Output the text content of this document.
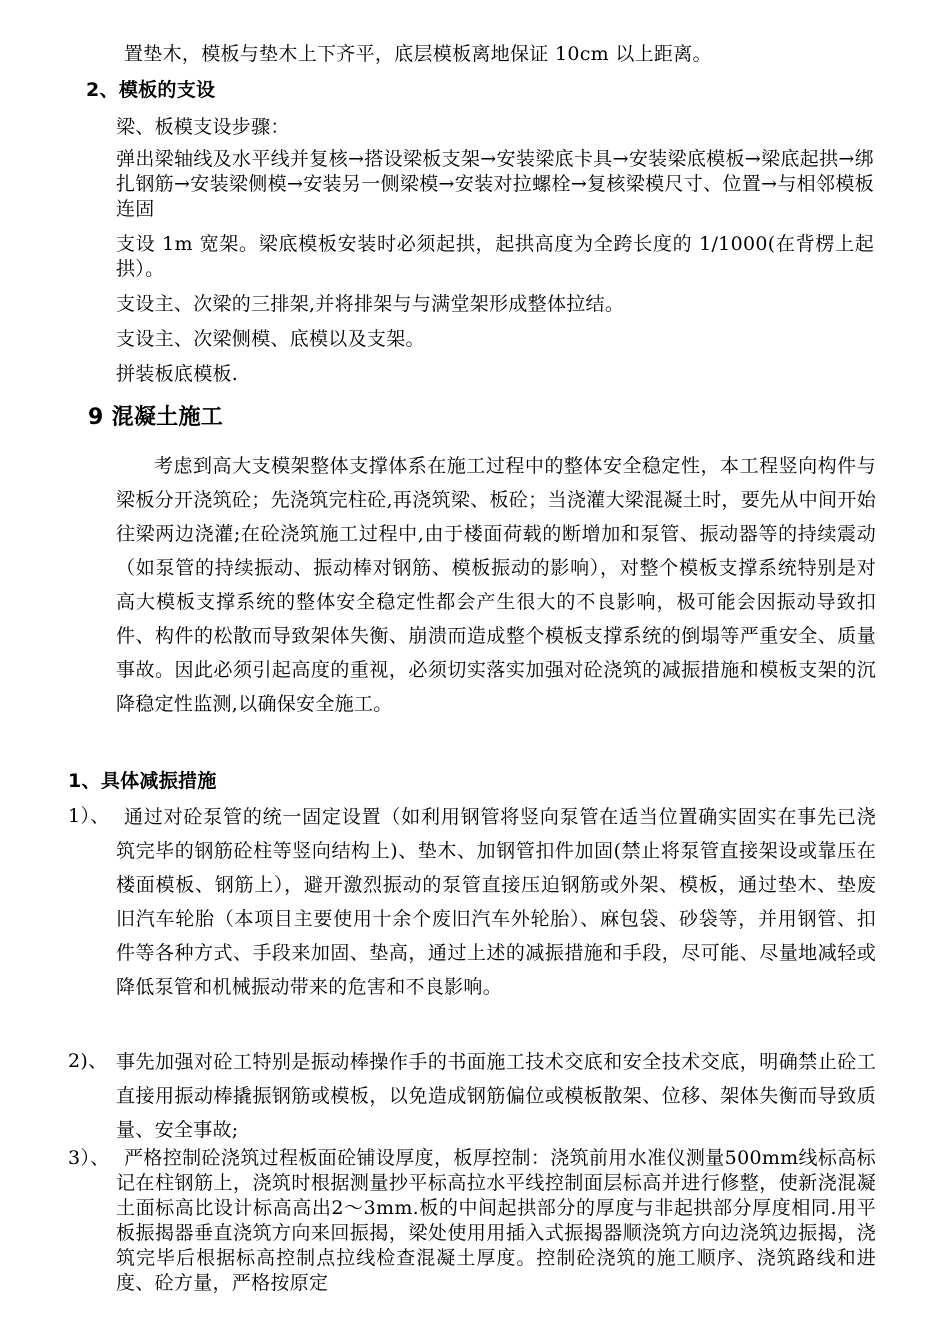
置垫木，模板与垫木上下齐平，底层模板离地保证 10cm 以上距离。

2、模板的支设

梁、板模支设步骤：

弹出梁轴线及水平线并复核→搭设梁板支架→安装梁底卡具→安装梁底模板→梁底起拱→绑扎钢筋→安装梁侧模→安装另一侧梁模→安装对拉螺栓→复核梁模尺寸、位置→与相邻模板连固

支设 1m 宽架。梁底模板安装时必须起拱，起拱高度为全跨长度的 1/1000(在背楞上起拱）。

支设主、次梁的三排架,并将排架与与满堂架形成整体拉结。

支设主、次梁侧模、底模以及支架。

拼装板底模板.

9 混凝土施工

考虑到高大支模架整体支撑体系在施工过程中的整体安全稳定性，本工程竖向构件与梁板分开浇筑砼；先浇筑完柱砼,再浇筑梁、板砼；当浇灌大梁混凝土时，要先从中间开始往梁两边浇灌;在砼浇筑施工过程中,由于楼面荷载的断增加和泵管、振动器等的持续震动（如泵管的持续振动、振动棒对钢筋、模板振动的影响），对整个模板支撑系统特别是对高大模板支撑系统的整体安全稳定性都会产生很大的不良影响，极可能会因振动导致扣件、构件的松散而导致架体失衡、崩溃而造成整个模板支撑系统的倒塌等严重安全、质量事故。因此必须引起高度的重视，必须切实落实加强对砼浇筑的减振措施和模板支架的沉降稳定性监测,以确保安全施工。

1、具体减振措施

1）、 通过对砼泵管的统一固定设置（如利用钢管将竖向泵管在适当位置确实固实在事先已浇筑完毕的钢筋砼柱等竖向结构上)、垫木、加钢管扣件加固(禁止将泵管直接架设或靠压在楼面模板、钢筋上），避开激烈振动的泵管直接压迫钢筋或外架、模板，通过垫木、垫废旧汽车轮胎（本项目主要使用十余个废旧汽车外轮胎）、麻包袋、砂袋等，并用钢管、扣件等各种方式、手段来加固、垫高，通过上述的减振措施和手段，尽可能、尽量地减轻或降低泵管和机械振动带来的危害和不良影响。

2)、 事先加强对砼工特别是振动棒操作手的书面施工技术交底和安全技术交底，明确禁止砼工直接用振动棒撬振钢筋或模板，以免造成钢筋偏位或模板散架、位移、架体失衡而导致质量、安全事故;

3）、 严格控制砼浇筑过程板面砼铺设厚度，板厚控制：浇筑前用水准仪测量500mm线标高标记在柱钢筋上，浇筑时根据测量抄平标高拉水平线控制面层标高并进行修整，使新浇混凝土面标高比设计标高高出2～3mm.板的中间起拱部分的厚度与非起拱部分厚度相同.用平板振揭器垂直浇筑方向来回振揭，梁处使用用插入式振揭器顺浇筑方向边浇筑边振揭，浇筑完毕后根据标高控制点拉线检查混凝土厚度。控制砼浇筑的施工顺序、浇筑路线和进度、砼方量，严格按原定
